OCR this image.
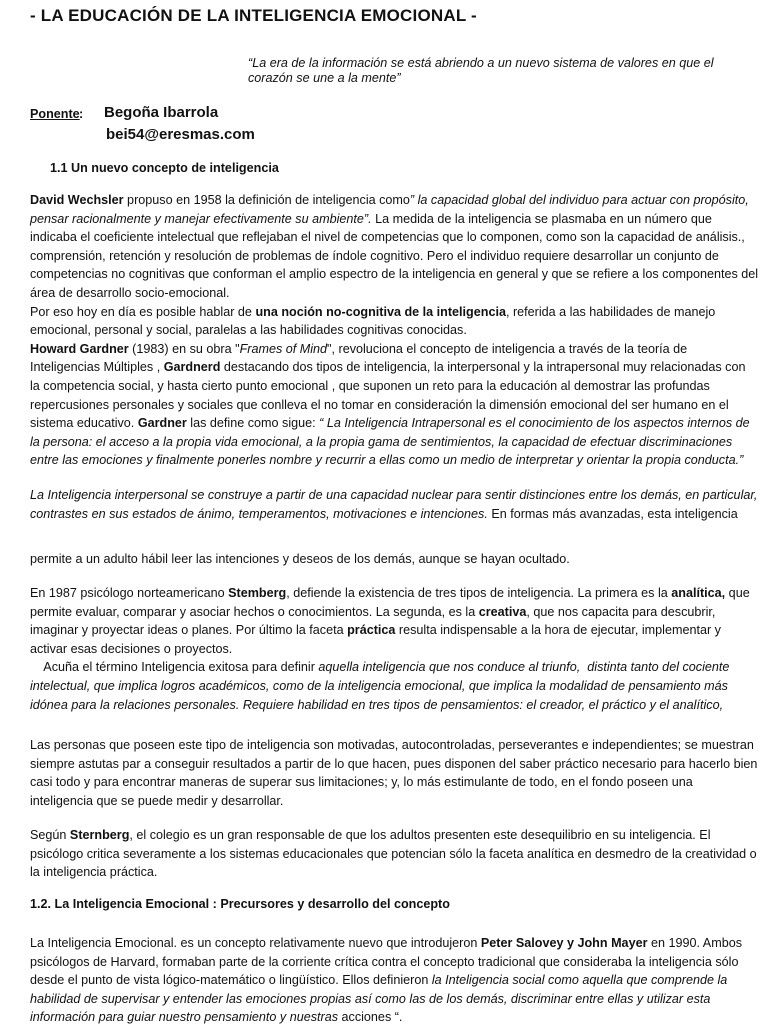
- LA EDUCACIÓN DE LA INTELIGENCIA EMOCIONAL -
“La era de la información se está abriendo a un nuevo sistema de valores en que el
corazón se une a la mente”
Ponente : Begoña Ibarrola
bei54@eresmas.com
1.1 Un nuevo concepto de inteligencia
David Wechsler propuso en 1958 la definición de inteligencia como” la capacidad global del individuo para actuar con propósito,
pensar racionalmente y manejar efectivamente su ambiente”. La medida de la inteligencia se plasmaba en un número que
indicaba el coeficiente intelectual que reflejaban el nivel de competencias que lo componen, como son la capacidad de análisis.,
comprensión, retención y resolución de problemas de índole cognitivo. Pero el individuo requiere desarrollar un conjunto de
competencias no cognitivas que conforman el amplio espectro de la inteligencia en general y que se refiere a los componentes del
área de desarrollo socio-emocional.
Por eso hoy en día es posible hablar de una noción no-cognitiva de la inteligencia, referida a las habilidades de manejo
emocional, personal y social, paralelas a las habilidades cognitivas conocidas.
Howard Gardner (1983) en su obra "Frames of Mind", revoluciona el concepto de inteligencia a través de la teoría de
Inteligencias Múltiples , Gardnerd destacando dos tipos de inteligencia, la interpersonal y la intrapersonal muy relacionadas con
la competencia social, y hasta cierto punto emocional , que suponen un reto para la educación al demostrar las profundas
repercusiones personales y sociales que conlleva el no tomar en consideración la dimensión emocional del ser humano en el
sistema educativo. Gardner las define como sigue: “ La Inteligencia Intrapersonal es el conocimiento de los aspectos internos de
la persona: el acceso a la propia vida emocional, a la propia gama de sentimientos, la capacidad de efectuar discriminaciones
entre las emociones y finalmente ponerles nombre y recurrir a ellas como un medio de interpretar y orientar la propia conducta.”
La Inteligencia interpersonal se construye a partir de una capacidad nuclear para sentir distinciones entre los demás, en particular,
contrastes en sus estados de ánimo, temperamentos, motivaciones e intenciones. En formas más avanzadas, esta inteligencia
permite a un adulto hábil leer las intenciones y deseos de los demás, aunque se hayan ocultado.
En 1987 psicólogo norteamericano Stemberg, defiende la existencia de tres tipos de inteligencia. La primera es la analítica, que
permite evaluar, comparar y asociar hechos o conocimientos. La segunda, es la creativa, que nos capacita para descubrir,
imaginar y proyectar ideas o planes. Por último la faceta práctica resulta indispensable a la hora de ejecutar, implementar y
activar esas decisiones o proyectos.
Acuña el término Inteligencia exitosa para definir aquella inteligencia que nos conduce al triunfo,  distinta tanto del cociente
intelectual, que implica logros académicos, como de la inteligencia emocional, que implica la modalidad de pensamiento más
idónea para la relaciones personales. Requiere habilidad en tres tipos de pensamientos: el creador, el práctico y el analítico,
Las personas que poseen este tipo de inteligencia son motivadas, autocontroladas, perseverantes e independientes; se muestran
siempre astutas par a conseguir resultados a partir de lo que hacen, pues disponen del saber práctico necesario para hacerlo bien
casi todo y para encontrar maneras de superar sus limitaciones; y, lo más estimulante de todo, en el fondo poseen una
inteligencia que se puede medir y desarrollar.
Según Sternberg, el colegio es un gran responsable de que los adultos presenten este desequilibrio en su inteligencia. El
psicólogo critica severamente a los sistemas educacionales que potencian sólo la faceta analítica en desmedro de la creatividad o
la inteligencia práctica.
1.2. La Inteligencia Emocional : Precursores y desarrollo del concepto
La Inteligencia Emocional. es un concepto relativamente nuevo que introdujeron Peter Salovey y John Mayer en 1990. Ambos
psicólogos de Harvard, formaban parte de la corriente crítica contra el concepto tradicional que consideraba la inteligencia sólo
desde el punto de vista lógico-matemático o lingüístico. Ellos definieron la Inteligencia social como aquella que comprende la
habilidad de supervisar y entender las emociones propias así como las de los demás, discriminar entre ellas y utilizar esta
información para guiar nuestro pensamiento y nuestras acciones “.
